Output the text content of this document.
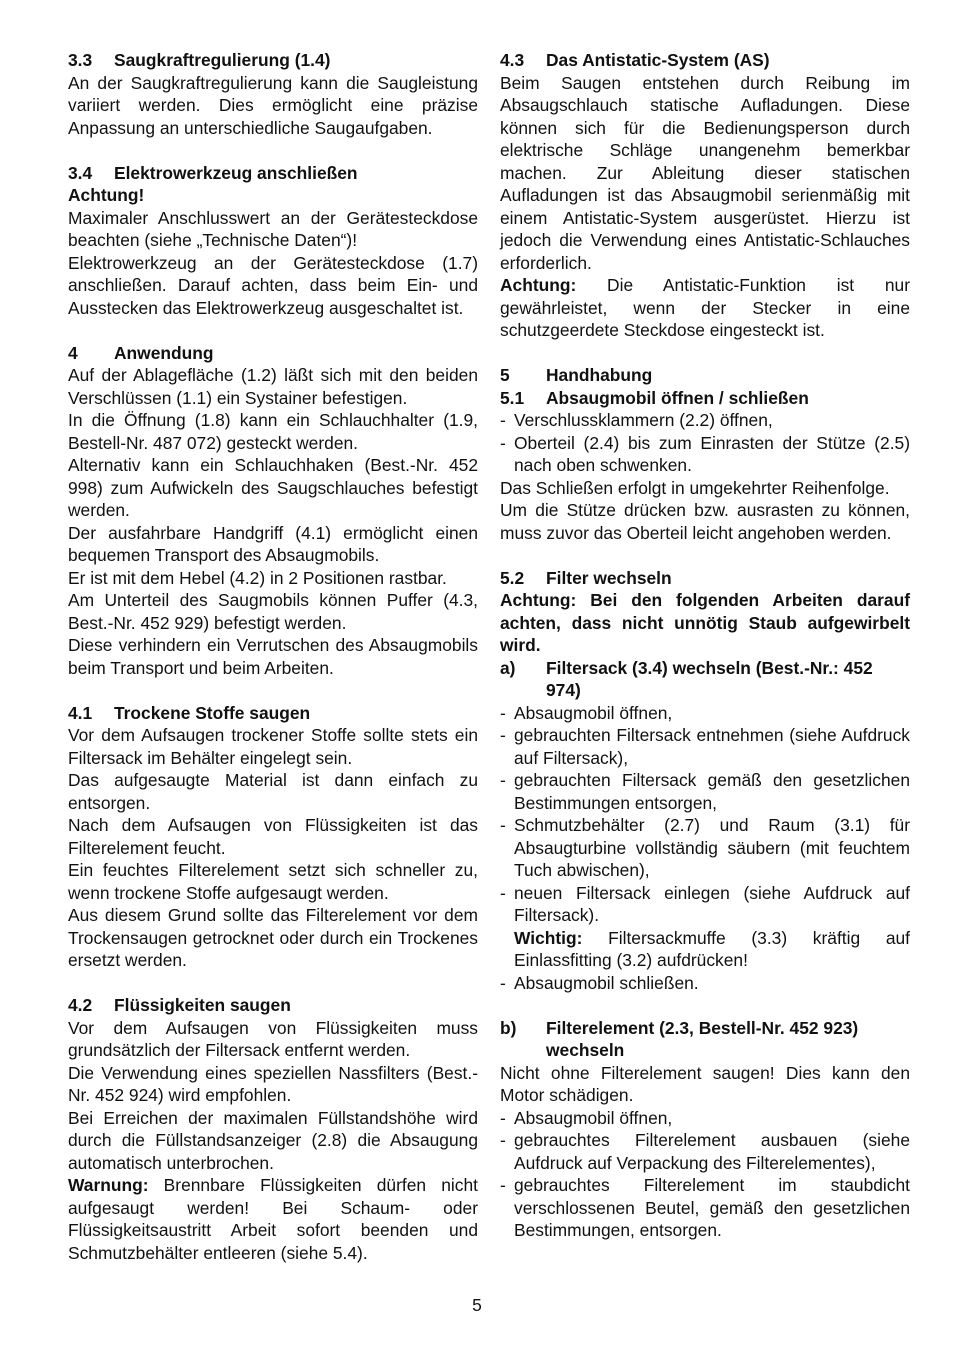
3.3	Saugkraftregulierung (1.4)

An der Saugkraftregulierung kann die Saugleistung variiert werden. Dies ermöglicht eine präzise Anpassung an unterschiedliche Saugaufgaben.

3.4	Elektrowerkzeug anschließen
Achtung!

Maximaler Anschlusswert an der Gerätesteckdose beachten (siehe „Technische Daten“)!

Elektrowerkzeug an der Gerätesteckdose (1.7) anschließen. Darauf achten, dass beim Ein- und Ausstecken das Elektrowerkzeug ausgeschaltet ist.

4	Anwendung

Auf der Ablagefläche (1.2) läßt sich mit den beiden Verschlüssen (1.1) ein Systainer befestigen.

In die Öffnung (1.8) kann ein Schlauchhalter (1.9, Bestell-Nr. 487 072) gesteckt werden.

Alternativ kann ein Schlauchhaken (Best.-Nr. 452 998) zum Aufwickeln des Saugschlauches befestigt werden.

Der ausfahrbare Handgriff (4.1) ermöglicht einen bequemen Transport des Absaugmobils.

Er ist mit dem Hebel (4.2) in 2 Positionen rastbar.

Am Unterteil des Saugmobils können Puffer (4.3, Best.-Nr. 452 929) befestigt werden.

Diese verhindern ein Verrutschen des Absaugmobils beim Transport und beim Arbeiten.

4.1	Trockene Stoffe saugen

Vor dem Aufsaugen trockener Stoffe sollte stets ein Filtersack im Behälter eingelegt sein.

Das aufgesaugte Material ist dann einfach zu entsorgen.

Nach dem Aufsaugen von Flüssigkeiten ist das Filterelement feucht.

Ein feuchtes Filterelement setzt sich schneller zu, wenn trockene Stoffe aufgesaugt werden.

Aus diesem Grund sollte das Filterelement vor dem Trockensaugen getrocknet oder durch ein Trockenes ersetzt werden.

4.2	Flüssigkeiten saugen

Vor dem Aufsaugen von Flüssigkeiten muss grundsätzlich der Filtersack entfernt werden.

Die Verwendung eines speziellen Nassfilters (Best.-Nr. 452 924) wird empfohlen.

Bei Erreichen der maximalen Füllstandshöhe wird durch die Füllstandsanzeiger (2.8) die Absaugung automatisch unterbrochen.

Warnung: Brennbare Flüssigkeiten dürfen nicht aufgesaugt werden! Bei Schaum- oder Flüssigkeitsaustritt Arbeit sofort beenden und Schmutzbehälter entleeren (siehe 5.4).

4.3	Das Antistatic-System (AS)

Beim Saugen entstehen durch Reibung im Absaugschlauch statische Aufladungen. Diese können sich für die Bedienungsperson durch elektrische Schläge unangenehm bemerkbar machen. Zur Ableitung dieser statischen Aufladungen ist das Absaugmobil serienmäßig mit einem Antistatic-System ausgerüstet. Hierzu ist jedoch die Verwendung eines Antistatic-Schlauches erforderlich.

Achtung: Die Antistatic-Funktion ist nur gewährleistet, wenn der Stecker in eine schutzgeerdete Steckdose eingesteckt ist.

5	Handhabung
5.1	Absaugmobil öffnen / schließen
- Verschlussklammern (2.2) öffnen,
- Oberteil (2.4) bis zum Einrasten der Stütze (2.5) nach oben schwenken.

Das Schließen erfolgt in umgekehrter Reihenfolge.

Um die Stütze drücken bzw. ausrasten zu können, muss zuvor das Oberteil leicht angehoben werden.

5.2	Filter wechseln

Achtung: Bei den folgenden Arbeiten darauf achten, dass nicht unnötig Staub aufgewirbelt wird.

a)	Filtersack (3.4) wechseln (Best.-Nr.: 452 974)
- Absaugmobil öffnen,
- gebrauchten Filtersack entnehmen (siehe Aufdruck auf Filtersack),
- gebrauchten Filtersack gemäß den gesetzlichen Bestimmungen entsorgen,
- Schmutzbehälter (2.7) und Raum (3.1) für Absaugturbine vollständig säubern (mit feuchtem Tuch abwischen),
- neuen Filtersack einlegen (siehe Aufdruck auf Filtersack).
Wichtig: Filtersackmuffe (3.3) kräftig auf Einlassfitting (3.2) aufdrücken!
- Absaugmobil schließen.
b)	Filterelement (2.3, Bestell-Nr. 452 923) wechseln

Nicht ohne Filterelement saugen! Dies kann den Motor schädigen.

- Absaugmobil öffnen,
- gebrauchtes Filterelement ausbauen (siehe Aufdruck auf Verpackung des Filterelementes),
- gebrauchtes Filterelement im staubdicht verschlossenen Beutel, gemäß den gesetzlichen Bestimmungen, entsorgen.
5
